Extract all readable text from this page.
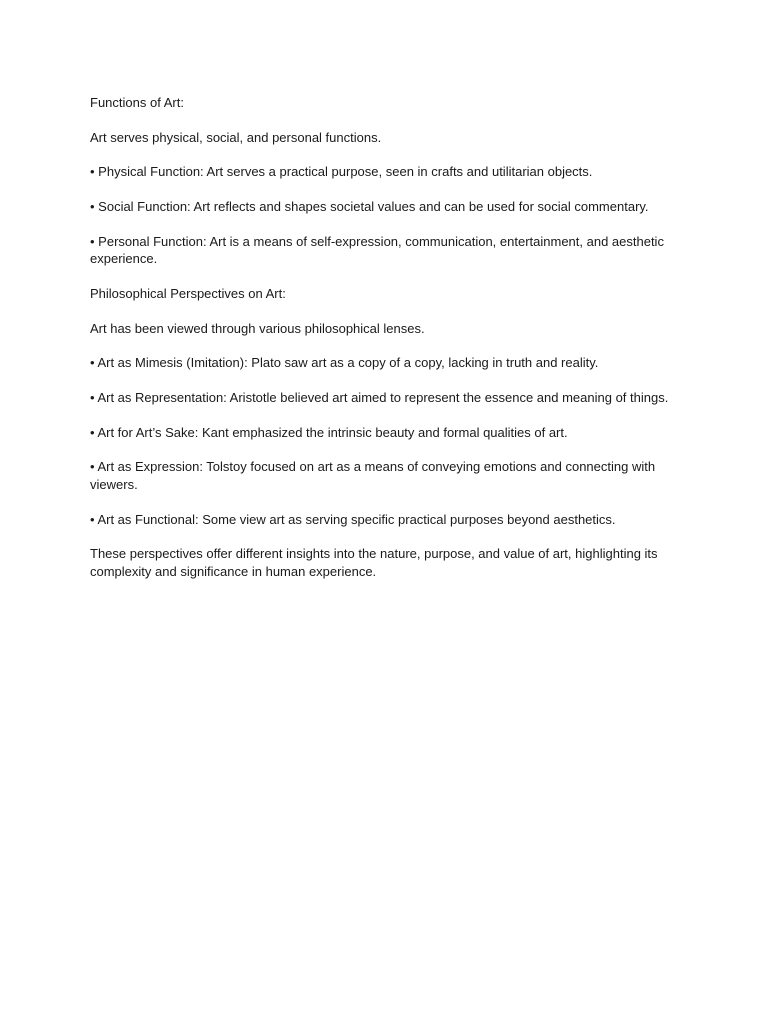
Functions of Art:

Art serves physical, social, and personal functions.

• Physical Function: Art serves a practical purpose, seen in crafts and utilitarian objects.

• Social Function: Art reflects and shapes societal values and can be used for social commentary.

• Personal Function: Art is a means of self-expression, communication, entertainment, and aesthetic experience.

Philosophical Perspectives on Art:

Art has been viewed through various philosophical lenses.

• Art as Mimesis (Imitation): Plato saw art as a copy of a copy, lacking in truth and reality.

• Art as Representation: Aristotle believed art aimed to represent the essence and meaning of things.

• Art for Art’s Sake: Kant emphasized the intrinsic beauty and formal qualities of art.

• Art as Expression: Tolstoy focused on art as a means of conveying emotions and connecting with viewers.

• Art as Functional: Some view art as serving specific practical purposes beyond aesthetics.

These perspectives offer different insights into the nature, purpose, and value of art, highlighting its complexity and significance in human experience.
